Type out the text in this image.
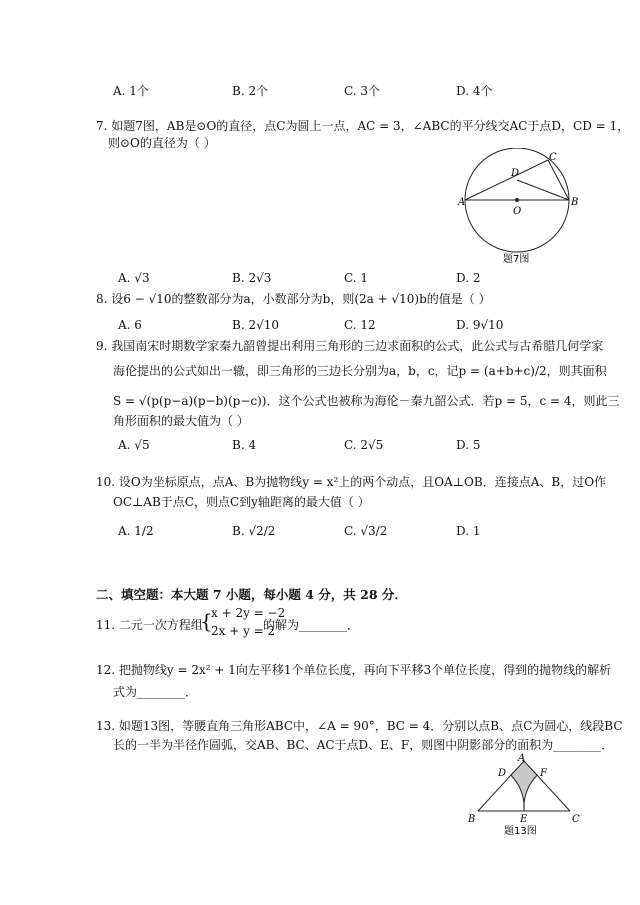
A. 1个	B. 2个	C. 3个	D. 4个
7. 如题7图，AB是⊙O的直径，点C为圆上一点，AC = 3，∠ABC的平分线交AC于点D，CD = 1，
则⊙O的直径为（ ）
A	B
C
D
O
题7图
A. √3	B. 2√3	C. 1	D. 2
8. 设6 − √10的整数部分为a，小数部分为b，则(2a + √10)b的值是（ ）
A. 6	B. 2√10	C. 12	D. 9√10
9. 我国南宋时期数学家秦九韶曾提出利用三角形的三边求面积的公式，此公式与古希腊几何学家
海伦提出的公式如出一辙，即三角形的三边长分别为a，b，c，记p = (a+b+c)/2，则其面积
S = √(p(p−a)(p−b)(p−c))．这个公式也被称为海伦－秦九韶公式．若p = 5，c = 4，则此三
角形面积的最大值为（ ）
A. √5	B. 4	C. 2√5	D. 5
10. 设O为坐标原点，点A、B为抛物线y = x²上的两个动点，且OA⊥OB．连接点A、B，过O作
OC⊥AB于点C，则点C到y轴距离的最大值（ ）
A. 1/2	B. √2/2	C. √3/2	D. 1
二、填空题：本大题 7 小题，每小题 4 分，共 28 分．
11. 二元一次方程组
{
x + 2y = −2
2x + y = 2
的解为________．
12. 把抛物线y = 2x² + 1向左平移1个单位长度，再向下平移3个单位长度，得到的抛物线的解析
式为________．
13. 如题13图，等腰直角三角形ABC中，∠A = 90°，BC = 4．分别以点B、点C为圆心，线段BC
长的一半为半径作圆弧，交AB、BC、AC于点D、E、F，则图中阴影部分的面积为________．
A
B	C
D
E
F
题13图
